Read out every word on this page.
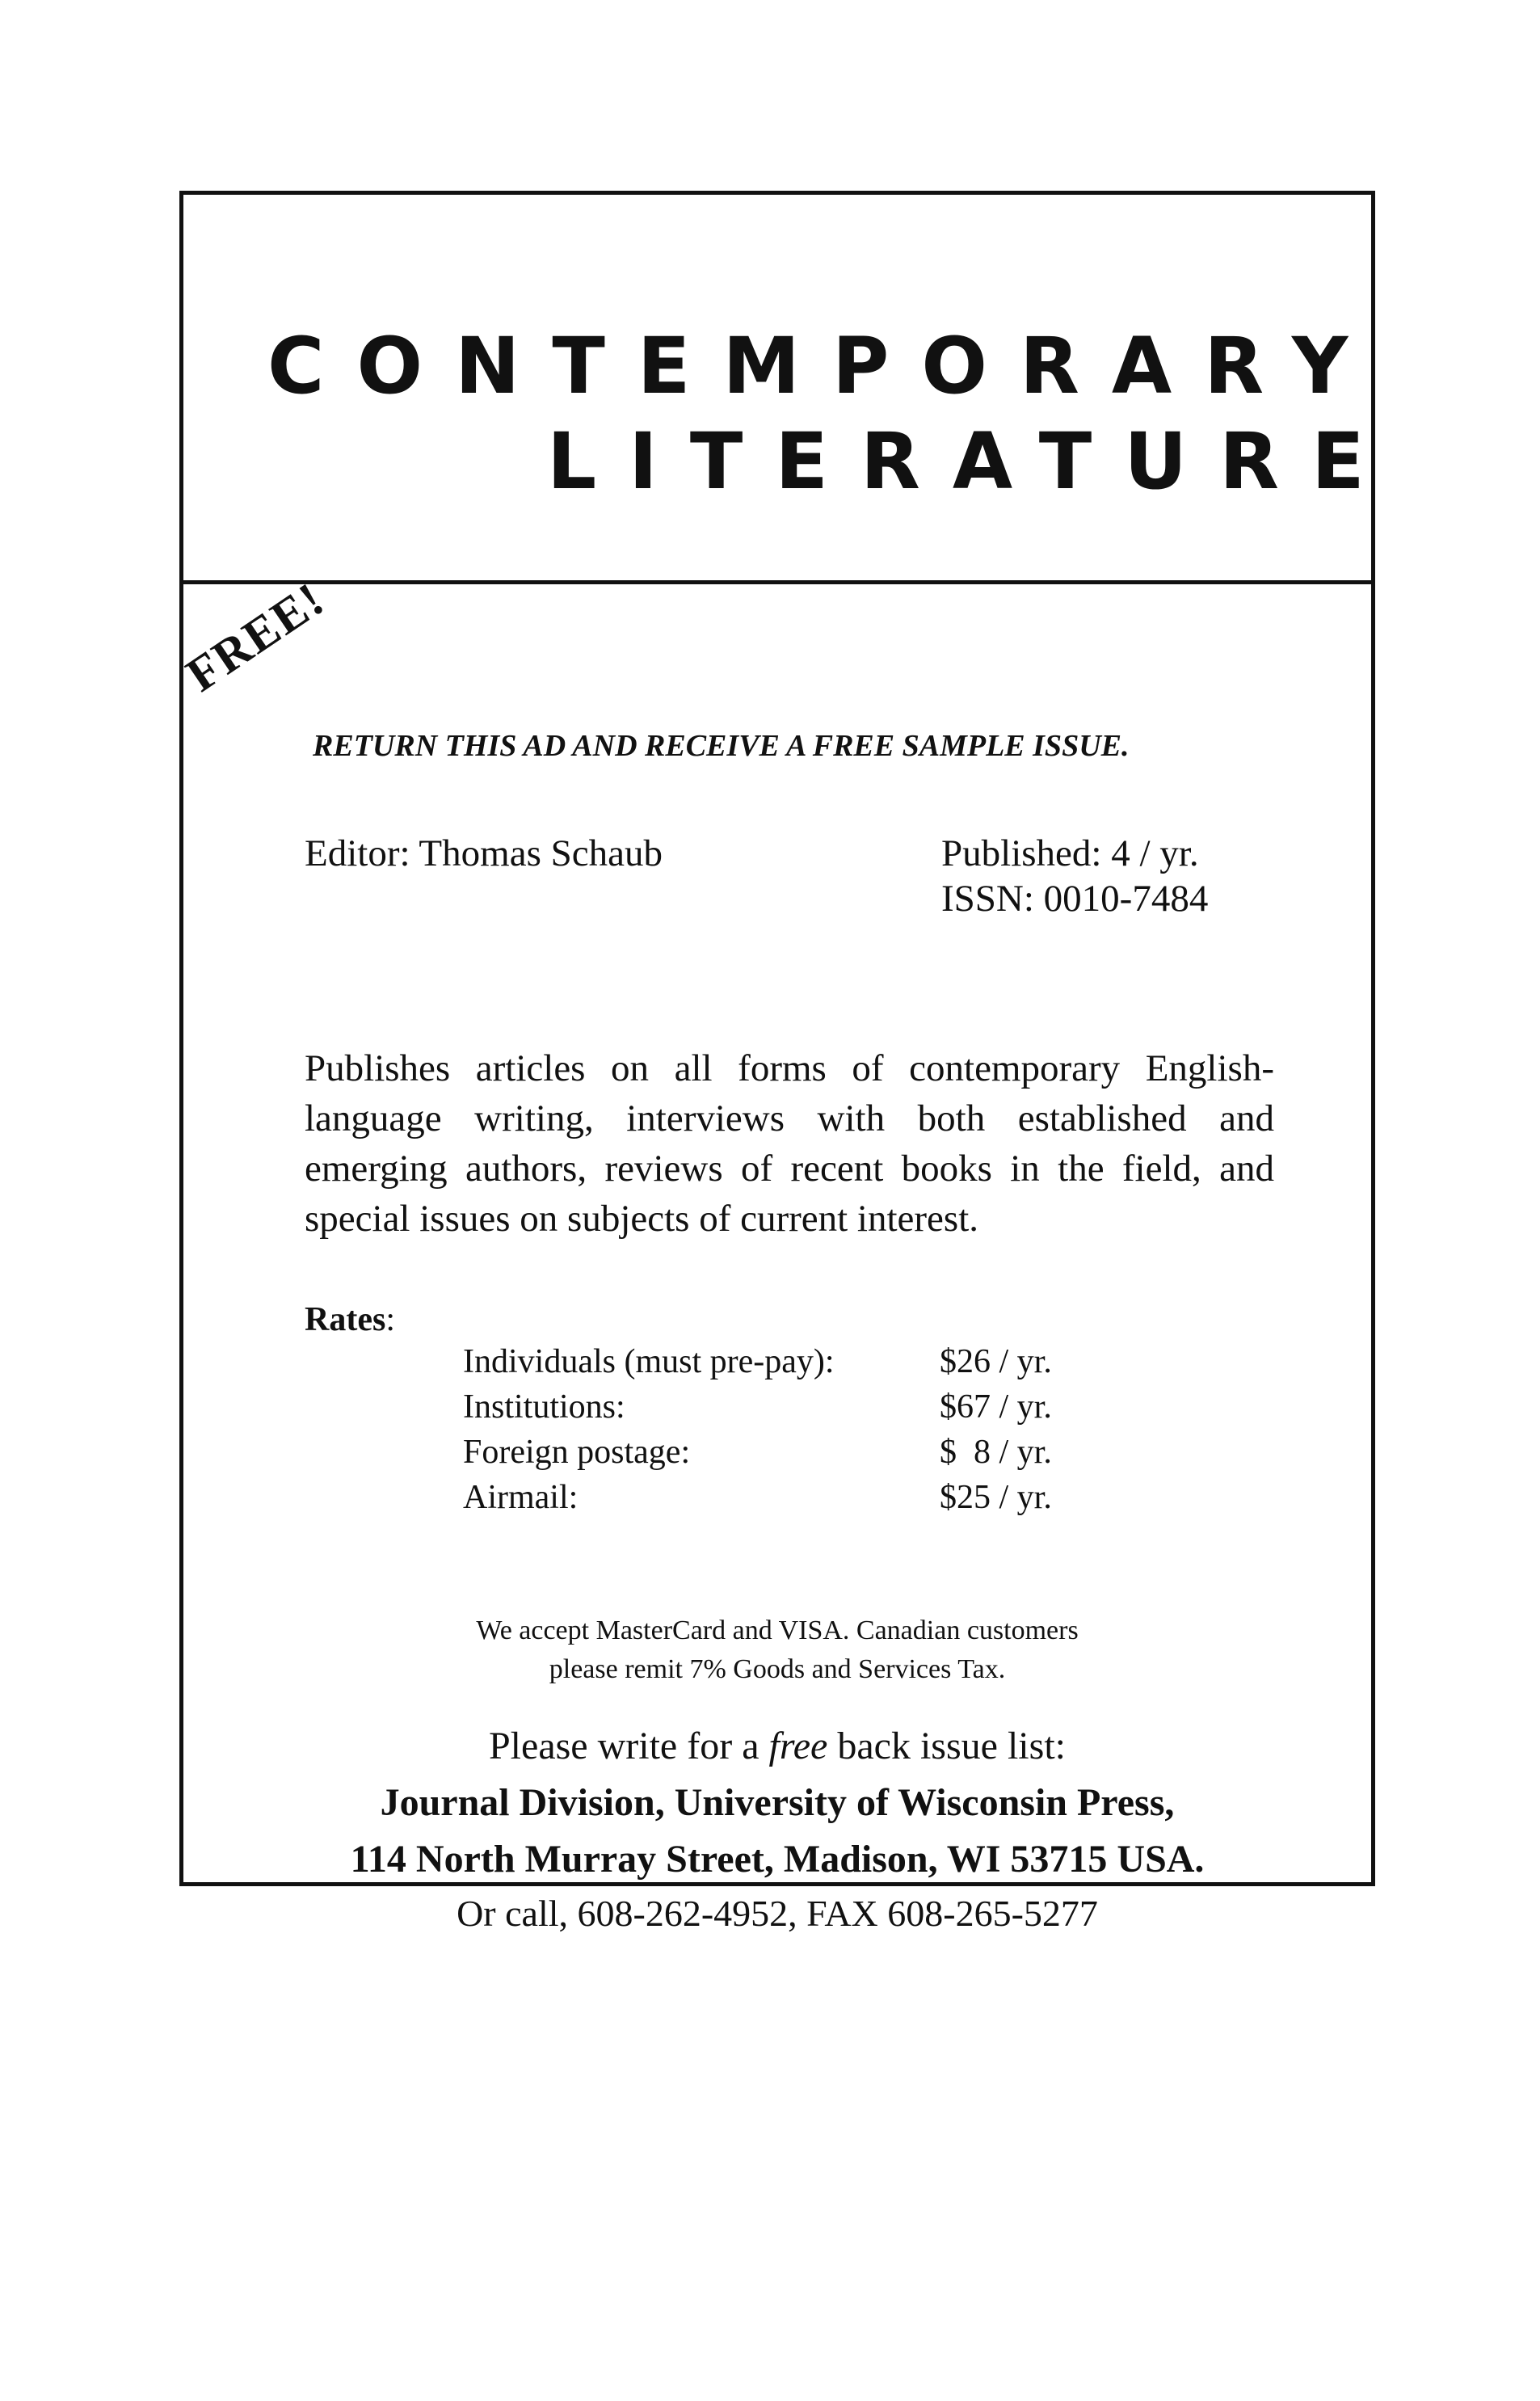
CONTEMPORARY
LITERATURE
FREE!
RETURN THIS AD AND RECEIVE A FREE SAMPLE ISSUE.
Editor: Thomas Schaub	Published: 4 / yr.
ISSN: 0010-7484
Publishes articles on all forms of contemporary English-language writing, interviews with both established and emerging authors, reviews of recent books in the field, and special issues on subjects of current interest.
Rates:
Individuals (must pre-pay):	$26 / yr.
Institutions:	$67 / yr.
Foreign postage:	$  8 / yr.
Airmail:	$25 / yr.
We accept MasterCard and VISA. Canadian customers
please remit 7% Goods and Services Tax.
Please write for a free back issue list:
Journal Division, University of Wisconsin Press,
114 North Murray Street, Madison, WI 53715 USA.
Or call, 608-262-4952, FAX 608-265-5277
